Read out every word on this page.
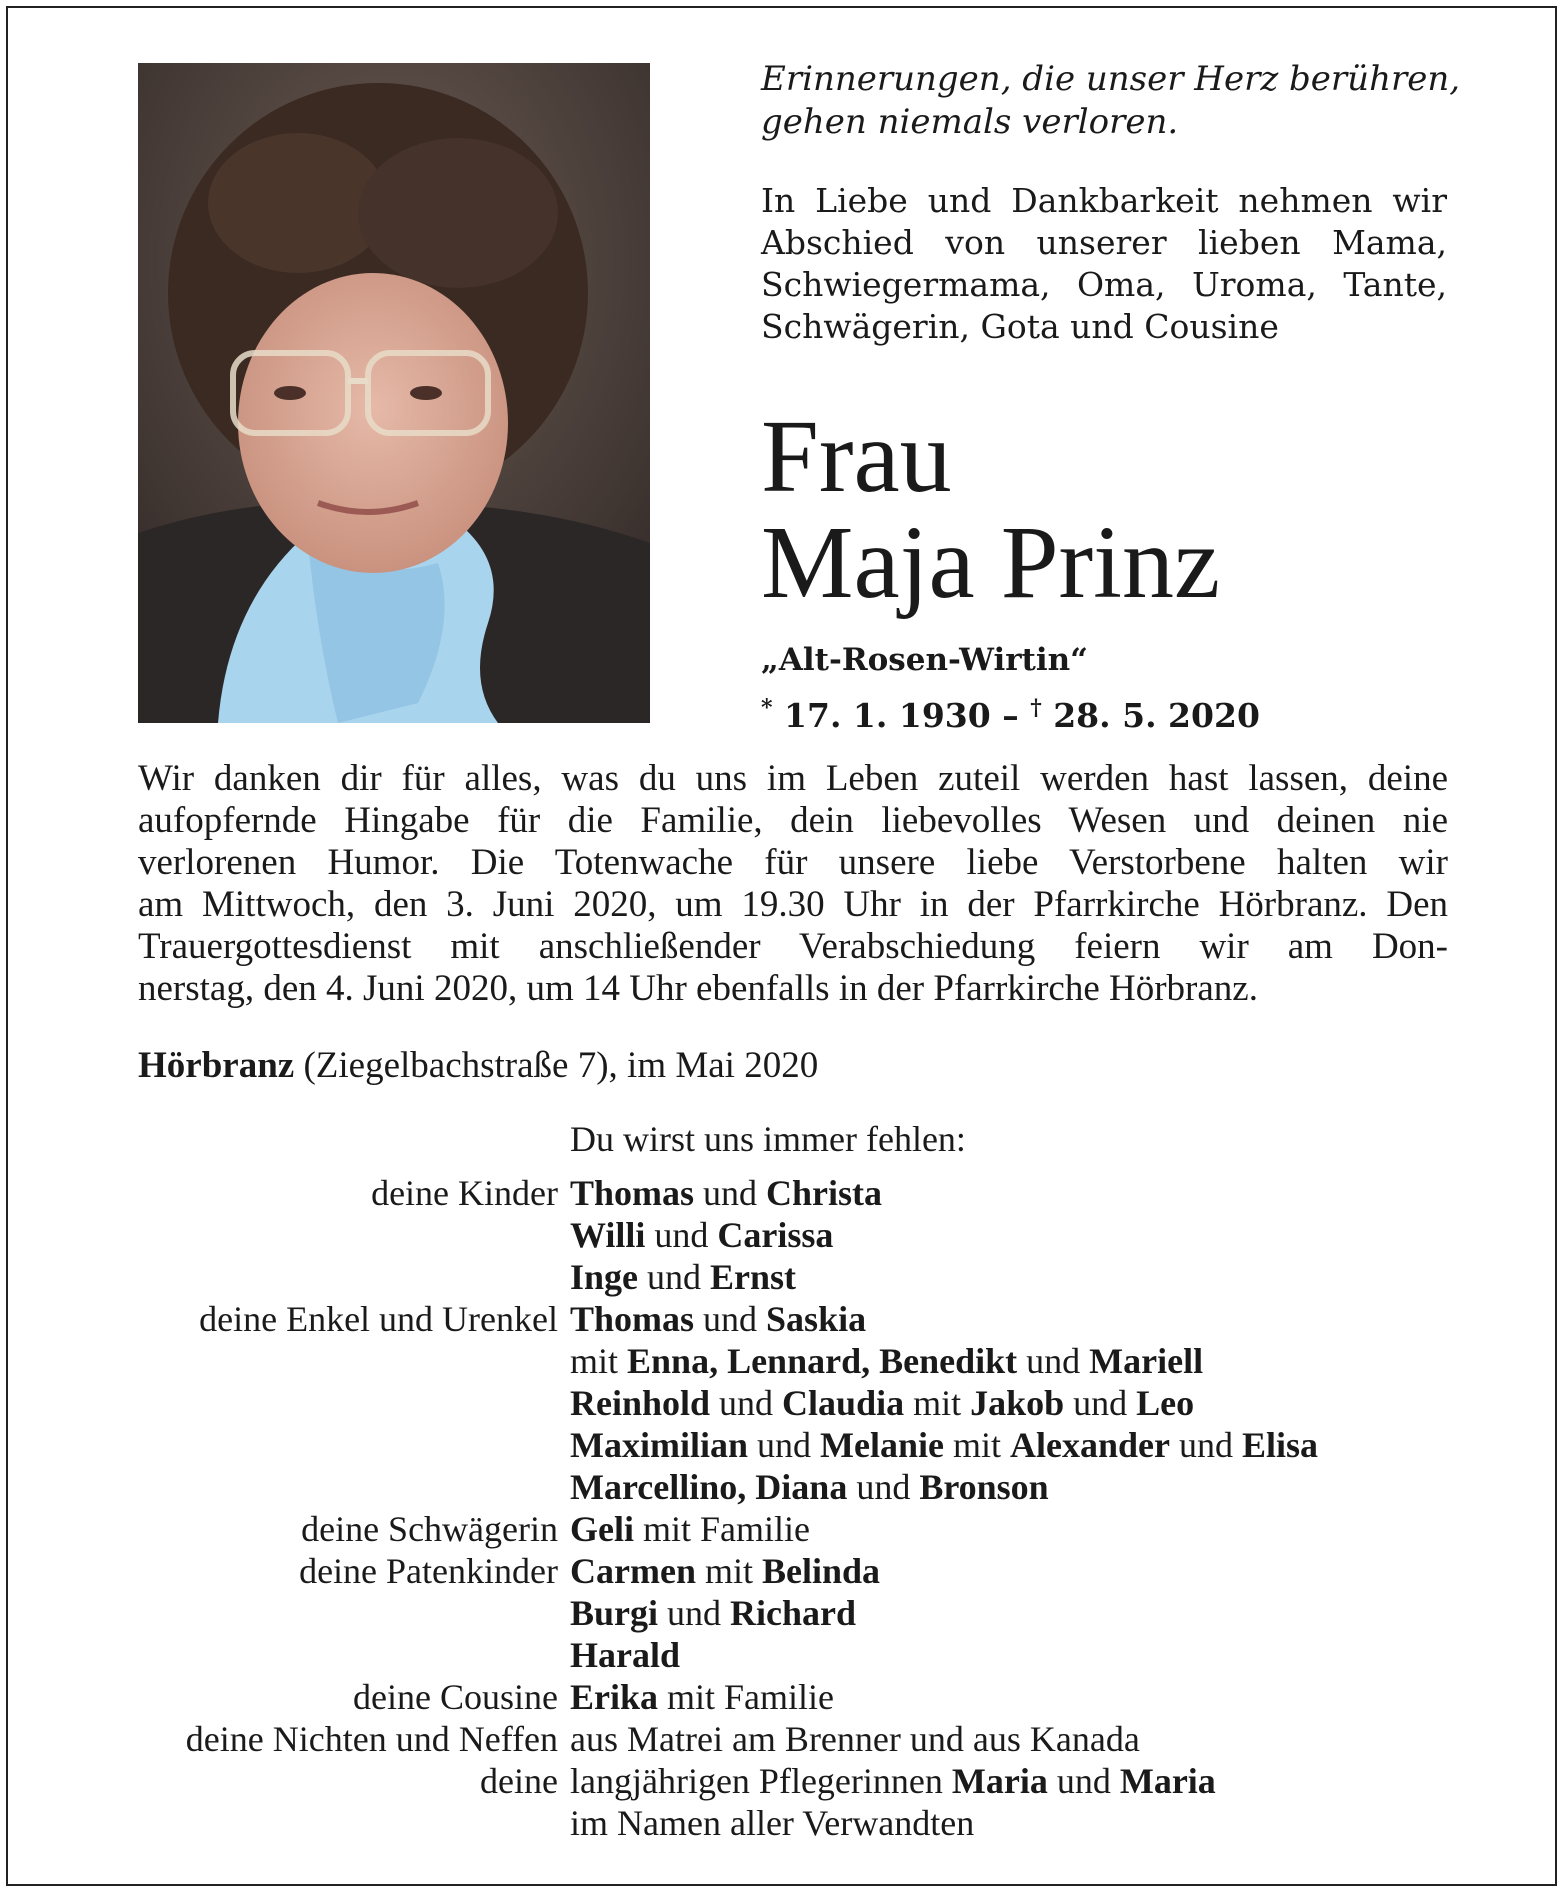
Erinnerungen, die unser Herz berühren,
gehen niemals verloren.
In Liebe und Dankbarkeit nehmen wir
Abschied von unserer lieben Mama,
Schwiegermama, Oma, Uroma, Tante,
Schwägerin, Gota und Cousine
Frau
Maja Prinz
„Alt-Rosen-Wirtin“
* 17. 1. 1930 – † 28. 5. 2020
Wir danken dir für alles, was du uns im Leben zuteil werden hast lassen, deine
aufopfernde Hingabe für die Familie, dein liebevolles Wesen und deinen nie
verlorenen Humor. Die Totenwache für unsere liebe Verstorbene halten wir
am Mittwoch, den 3. Juni 2020, um 19.30 Uhr in der Pfarrkirche Hörbranz. Den
Trauergottesdienst mit anschließender Verabschiedung feiern wir am Don-
nerstag, den 4. Juni 2020, um 14 Uhr ebenfalls in der Pfarrkirche Hörbranz.
Hörbranz (Ziegelbachstraße 7), im Mai 2020
Du wirst uns immer fehlen:
deine Kinder Thomas und Christa
Willi und Carissa
Inge und Ernst
deine Enkel und Urenkel Thomas und Saskia
mit Enna, Lennard, Benedikt und Mariell
Reinhold und Claudia mit Jakob und Leo
Maximilian und Melanie mit Alexander und Elisa
Marcellino, Diana und Bronson
deine Schwägerin Geli mit Familie
deine Patenkinder Carmen mit Belinda
Burgi und Richard
Harald
deine Cousine Erika mit Familie
deine Nichten und Neffen aus Matrei am Brenner und aus Kanada
deine langjährigen Pflegerinnen Maria und Maria
im Namen aller Verwandten
